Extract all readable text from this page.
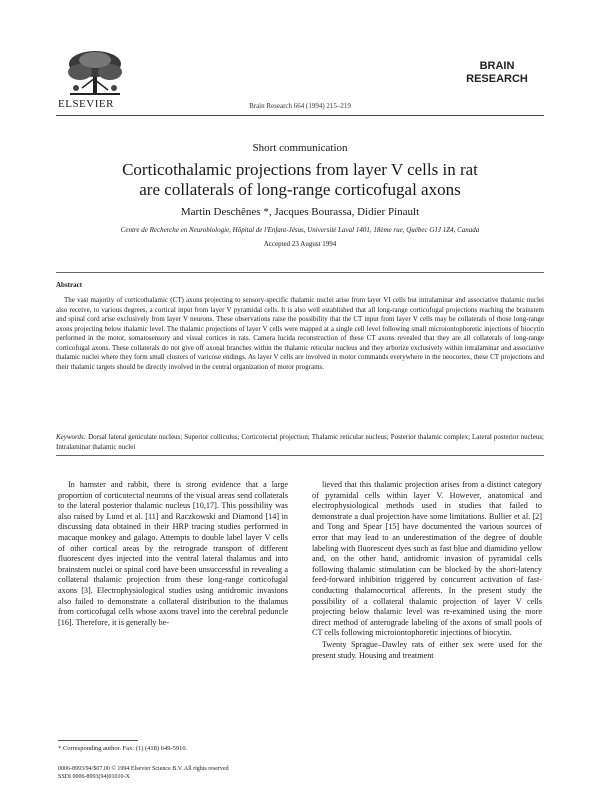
ELSEVIER	Brain Research 664 (1994) 215–219
BRAIN
RESEARCH
Short communication
Corticothalamic projections from layer V cells in rat
are collaterals of long-range corticofugal axons
Martin Deschênes *, Jacques Bourassa, Didier Pinault
Centre de Recherche en Neurobiologie, Hôpital de l'Enfant-Jésus, Université Laval 1401, 18ème rue, Québec G1J 1Z4, Canada
Accepted 23 August 1994
Abstract
The vast majority of corticothalamic (CT) axons projecting to sensory-specific thalamic nuclei arise from layer VI cells but intralaminar and associative thalamic nuclei also receive, to various degrees, a cortical input from layer V pyramidal cells. It is also well established that all long-range corticofugal projections reaching the brainstem and spinal cord arise exclusively from layer V neurons. These observations raise the possibility that the CT input from layer V cells may be collaterals of those long-range axons projecting below thalamic level. The thalamic projections of layer V cells were mapped at a single cell level following small microiontophoretic injections of biocytin performed in the motor, somatosensory and visual cortices in rats. Camera lucida reconstruction of these CT axons revealed that they are all collaterals of long-range corticofugal axons. These collaterals do not give off axonal branches within the thalamic reticular nucleus and they arborize exclusively within intralaminar and associative thalamic nuclei where they form small clusters of varicose endings. As layer V cells are involved in motor commands everywhere in the neocortex, these CT projections and their thalamic targets should be directly involved in the central organization of motor programs.
Keywords: Dorsal lateral geniculate nucleus; Superior colliculus; Corticotectal projection; Thalamic reticular nucleus; Posterior thalamic complex; Lateral posterior nucleus; Intralaminar thalamic nuclei

In hamster and rabbit, there is strong evidence that a large proportion of corticotectal neurons of the visual areas send collaterals to the lateral posterior thalamic nucleus [10,17]. This possibility was also raised by Lund et al. [11] and Raczkowski and Diamond [14] in discussing data obtained in their HRP tracing studies performed in macaque monkey and galago. Attempts to double label layer V cells of other cortical areas by the retrograde transport of different fluorescent dyes injected into the ventral lateral thalamus and into brainstem nuclei or spinal cord have been unsuccessful in revealing a collateral thalamic projection from these long-range corticofugal axons [3]. Electrophysiological studies using antidromic invasions also failed to demonstrate a collateral distribution to the thalamus from corticofugal cells whose axons travel into the cerebral peduncle [16]. Therefore, it is generally be-

lieved that this thalamic projection arises from a distinct category of pyramidal cells within layer V. However, anatomical and electrophysiological methods used in studies that failed to demonstrate a dual projection have some limitations. Bullier et al. [2] and Tong and Spear [15] have documented the various sources of error that may lead to an underestimation of the degree of double labeling with fluorescent dyes such as fast blue and diamidino yellow and, on the other hand, antidromic invasion of pyramidal cells following thalamic stimulation can be blocked by the short-latency feed-forward inhibition triggered by concurrent activation of fast-conducting thalamocortical afferents. In the present study the possibility of a collateral thalamic projection of layer V cells projecting below thalamic level was re-examined using the more direct method of anterograde labeling of the axons of small pools of CT cells following microiontophoretic injections of biocytin.

Twenty Sprague–Dawley rats of either sex were used for the present study. Housing and treatment

* Corresponding author. Fax: (1) (418) 649-5910.
0006-8993/94/$07.00 © 1994 Elsevier Science B.V. All rights reserved
SSDI 0006-8993(94)01010-X
